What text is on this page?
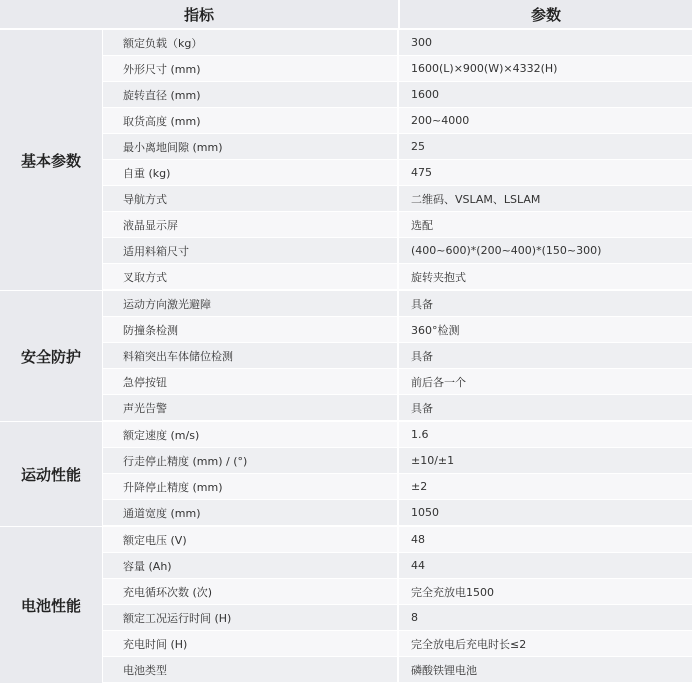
指标	参数
基本参数
额定负载（kg）	300
外形尺寸 (mm)	1600(L)×900(W)×4332(H)
旋转直径 (mm)	1600
取货高度 (mm)	200~4000
最小离地间隙 (mm)	25
自重 (kg)	475
导航方式	二维码、VSLAM、LSLAM
液晶显示屏	选配
适用料箱尺寸	(400~600)*(200~400)*(150~300)
叉取方式	旋转夹抱式
安全防护
运动方向激光避障	具备
防撞条检测	360°检测
料箱突出车体储位检测	具备
急停按钮	前后各一个
声光告警	具备
运动性能
额定速度 (m/s)	1.6
行走停止精度 (mm) / (°)	±10/±1
升降停止精度 (mm)	±2
通道宽度 (mm)	1050
电池性能
额定电压 (V)	48
容量 (Ah)	44
充电循环次数 (次)	完全充放电1500
额定工况运行时间 (H)	8
充电时间 (H)	完全放电后充电时长≤2
电池类型	磷酸铁锂电池
